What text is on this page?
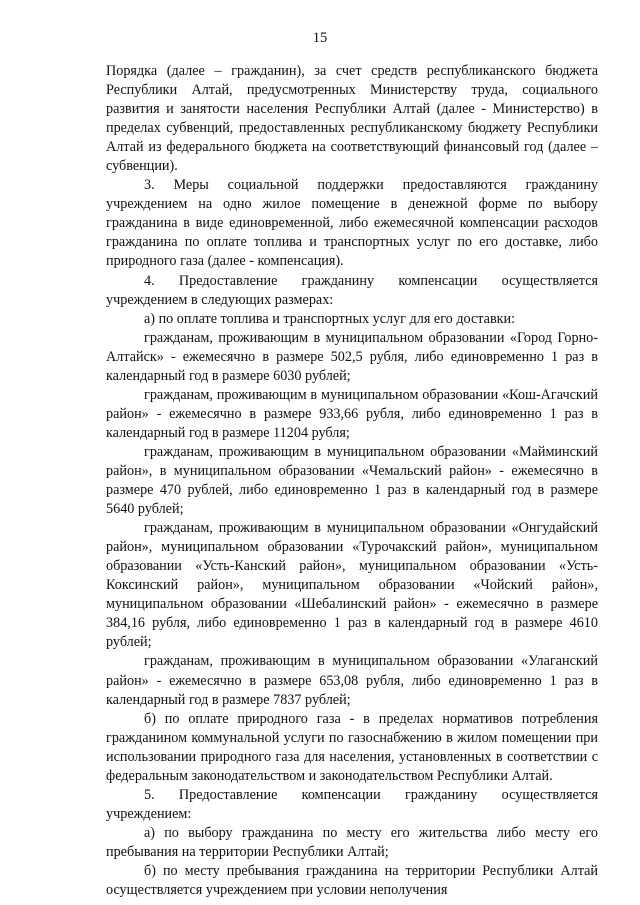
15

Порядка (далее – гражданин), за счет средств республиканского бюджета Республики Алтай, предусмотренных Министерству труда, социального развития и занятости населения Республики Алтай (далее - Министерство) в пределах субвенций, предоставленных республиканскому бюджету Республики Алтай из федерального бюджета на соответствующий финансовый год (далее – субвенции).

3. Меры социальной поддержки предоставляются гражданину учреждением на одно жилое помещение в денежной форме по выбору гражданина в виде единовременной, либо ежемесячной компенсации расходов гражданина по оплате топлива и транспортных услуг по его доставке, либо природного газа (далее - компенсация).

4. Предоставление гражданину компенсации осуществляется учреждением в следующих размерах:

а) по оплате топлива и транспортных услуг для его доставки:

гражданам, проживающим в муниципальном образовании «Город Горно-Алтайск» - ежемесячно в размере 502,5 рубля, либо единовременно 1 раз в календарный год в размере 6030 рублей;

гражданам, проживающим в муниципальном образовании «Кош-Агачский район» - ежемесячно в размере 933,66 рубля, либо единовременно 1 раз в календарный год в размере 11204 рубля;

гражданам, проживающим в муниципальном образовании «Майминский район», в муниципальном образовании «Чемальский район» - ежемесячно в размере 470 рублей, либо единовременно 1 раз в календарный год в размере 5640 рублей;

гражданам, проживающим в муниципальном образовании «Онгудайский район», муниципальном образовании «Турочакский район», муниципальном образовании «Усть-Канский район», муниципальном образовании «Усть-Коксинский район», муниципальном образовании «Чойский район», муниципальном образовании «Шебалинский район» - ежемесячно в размере 384,16 рубля, либо единовременно 1 раз в календарный год в размере 4610 рублей;

гражданам, проживающим в муниципальном образовании «Улаганский район» - ежемесячно в размере 653,08 рубля, либо единовременно 1 раз в календарный год в размере 7837 рублей;

б) по оплате природного газа - в пределах нормативов потребления гражданином коммунальной услуги по газоснабжению в жилом помещении при использовании природного газа для населения, установленных в соответствии с федеральным законодательством и законодательством Республики Алтай.

5. Предоставление компенсации гражданину осуществляется учреждением:

а) по выбору гражданина по месту его жительства либо месту его пребывания на территории Республики Алтай;

б) по месту пребывания гражданина на территории Республики Алтай осуществляется учреждением при условии неполучения
